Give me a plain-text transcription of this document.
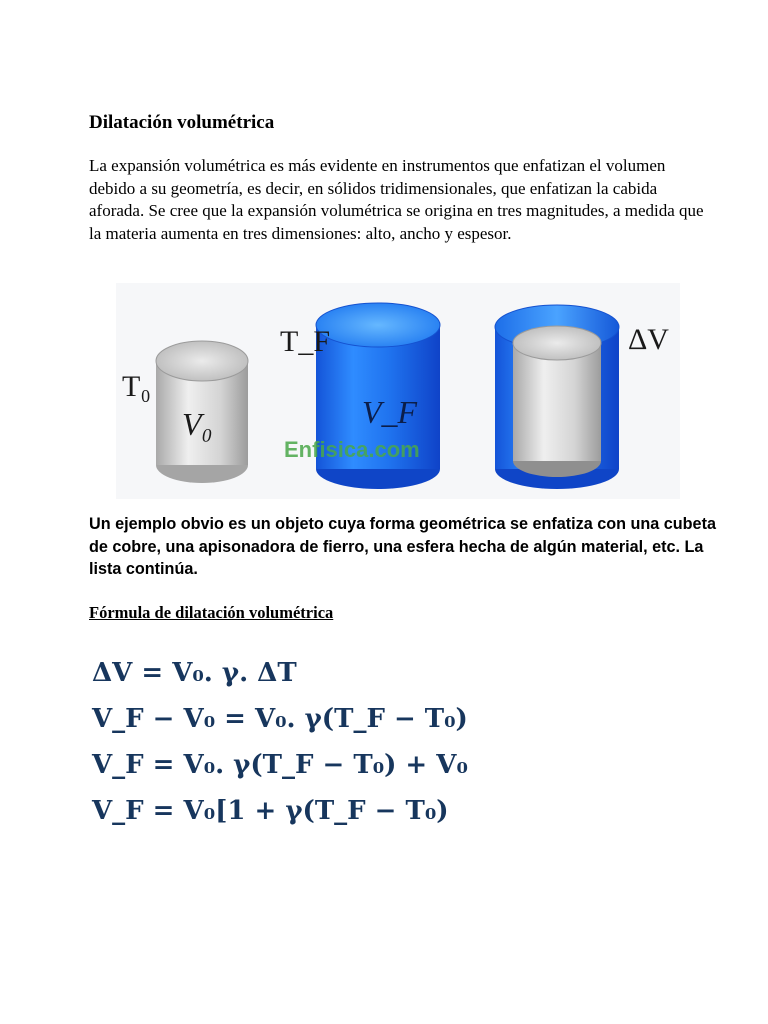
Dilatación volumétrica
La expansión volumétrica es más evidente en instrumentos que enfatizan el volumen debido a su geometría, es decir, en sólidos tridimensionales, que enfatizan la cabida aforada. Se cree que la expansión volumétrica se origina en tres magnitudes, a medida que la materia aumenta en tres dimensiones: alto, ancho y espesor.
T₀
V₀
T_F
V_F
ΔV
Enfisica.com
Un ejemplo obvio es un objeto cuya forma geométrica se enfatiza con una cubeta de cobre, una apisonadora de fierro, una esfera hecha de algún material, etc. La lista continúa.
Fórmula de dilatación volumétrica
ΔV = V₀. γ. ΔT
V_F − V₀ = V₀. γ(T_F − T₀)
V_F = V₀. γ(T_F − T₀) + V₀
V_F = V₀[1 + γ(T_F − T₀)
